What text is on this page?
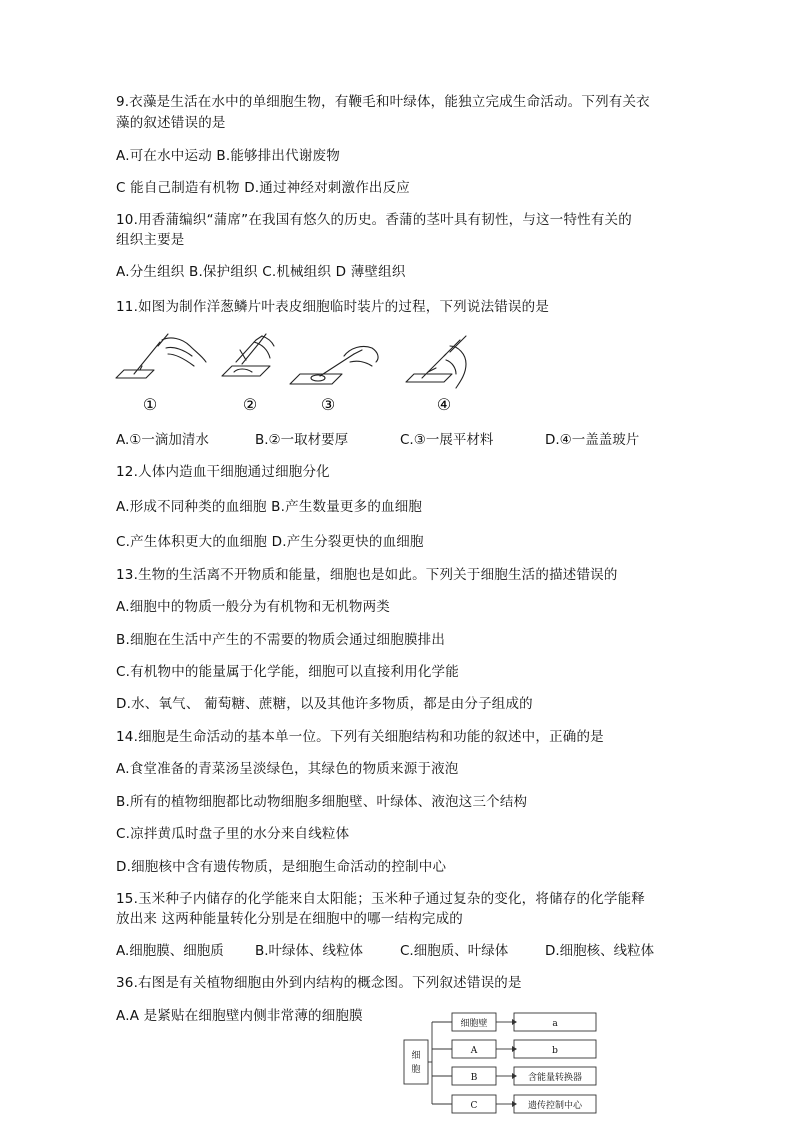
9.衣藻是生活在水中的单细胞生物，有鞭毛和叶绿体，能独立完成生命活动。下列有关衣
藻的叙述错误的是
A.可在水中运动 B.能够排出代谢废物
C 能自己制造有机物 D.通过神经对刺激作出反应
10.用香蒲编织“蒲席”在我国有悠久的历史。香蒲的茎叶具有韧性，与这一特性有关的
组织主要是
A.分生组织 B.保护组织 C.机械组织 D 薄壁组织
11.如图为制作洋葱鳞片叶表皮细胞临时装片的过程，下列说法错误的是
①	②	③	④
A.①一滴加清水	B.②一取材要厚	C.③一展平材料	D.④一盖盖玻片
12.人体内造血干细胞通过细胞分化
A.形成不同种类的血细胞 B.产生数量更多的血细胞
C.产生体积更大的血细胞 D.产生分裂更快的血细胞
13.生物的生活离不开物质和能量，细胞也是如此。下列关于细胞生活的描述错误的
A.细胞中的物质一般分为有机物和无机物两类
B.细胞在生活中产生的不需要的物质会通过细胞膜排出
C.有机物中的能量属于化学能，细胞可以直接利用化学能
D.水、氧气、 葡萄糖、蔗糖，以及其他许多物质，都是由分子组成的
14.细胞是生命活动的基本单一位。下列有关细胞结构和功能的叙述中，正确的是
A.食堂准备的青菜汤呈淡绿色，其绿色的物质来源于液泡
B.所有的植物细胞都比动物细胞多细胞壁、叶绿体、液泡这三个结构
C.凉拌黄瓜时盘子里的水分来自线粒体
D.细胞核中含有遗传物质，是细胞生命活动的控制中心
15.玉米种子内储存的化学能来自太阳能；玉米种子通过复杂的变化，将储存的化学能释
放出来 这两种能量转化分别是在细胞中的哪一结构完成的
A.细胞膜、细胞质 B.叶绿体、线粒体	C.细胞质、叶绿体	D.细胞核、线粒体
36.右图是有关植物细胞由外到内结构的概念图。下列叙述错误的是
A.A 是紧贴在细胞壁内侧非常薄的细胞膜
细
胞
细胞壁
A
B
C
a
b
含能量转换器
遗传控制中心
